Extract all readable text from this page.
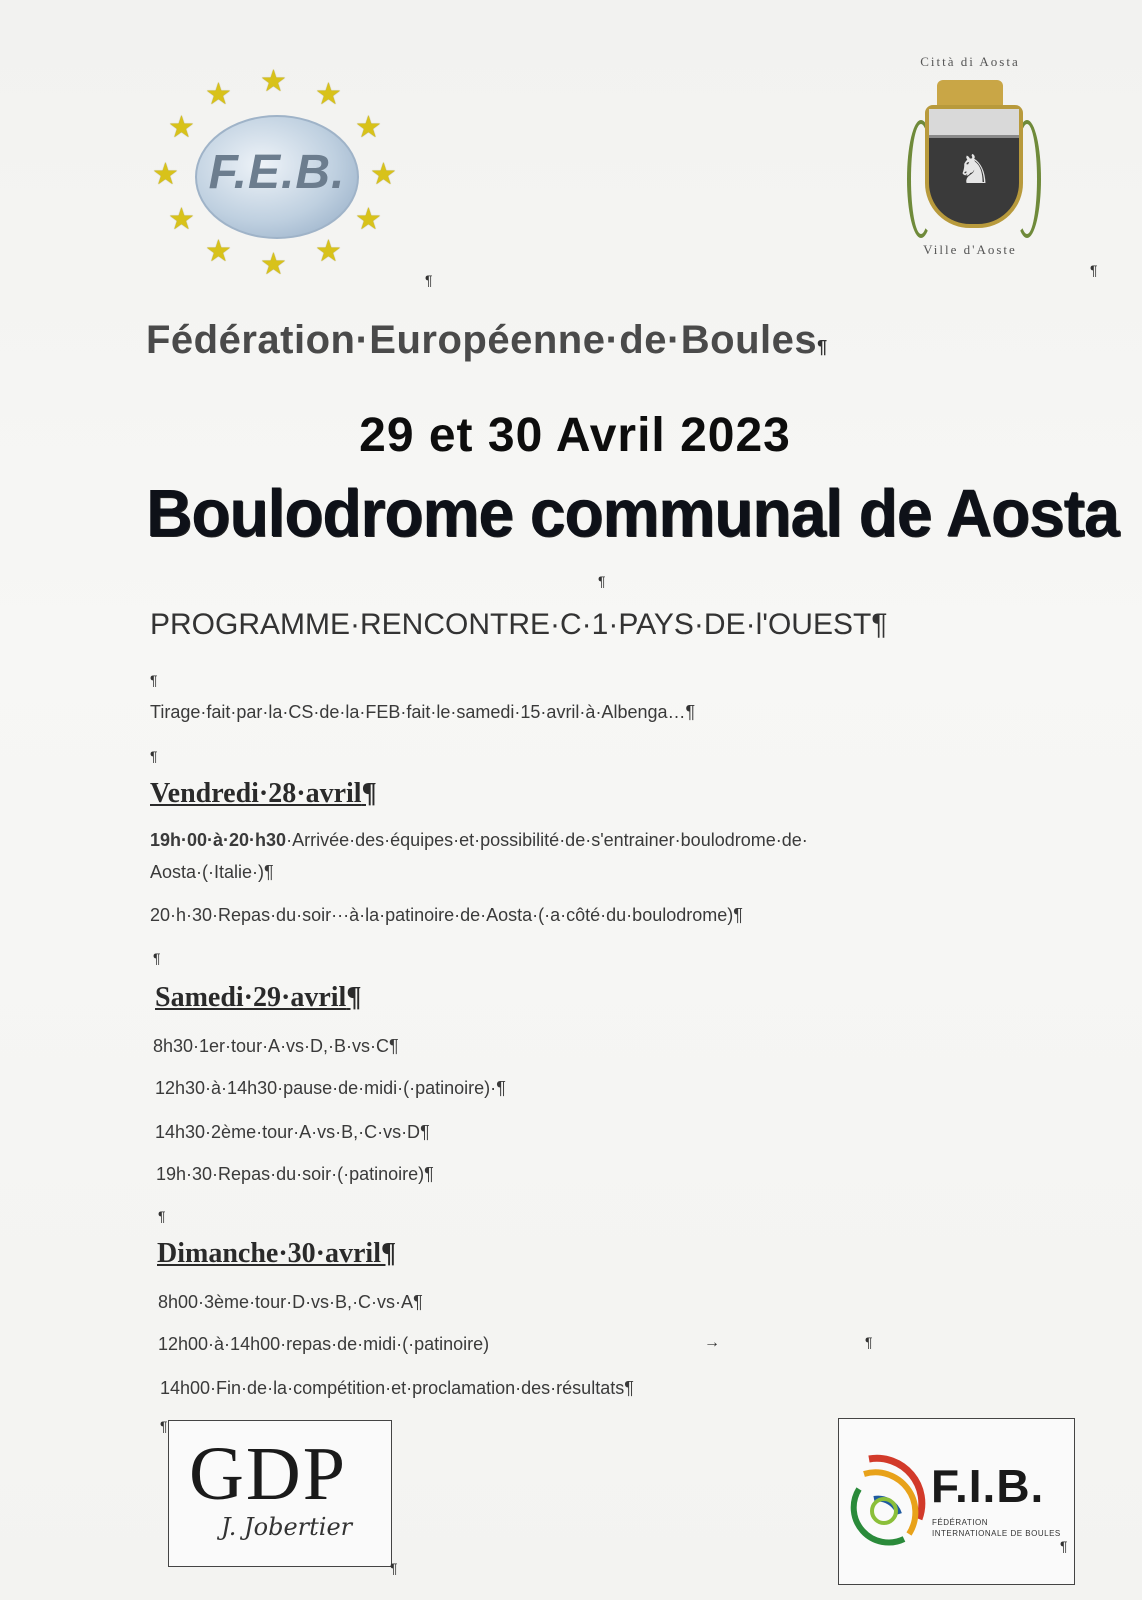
★ ★ ★
★
★
★
★
★
★
★
★
★
F.E.B.
¶
Città di Aosta
♞
Ville d'Aoste
¶
Fédération·Européenne·de·Boules¶
29 et 30 Avril 2023
Boulodrome communal de Aosta
¶
PROGRAMME·RENCONTRE·C·1·PAYS·DE·l'OUEST¶
¶
Tirage·fait·par·la·CS·de·la·FEB·fait·le·samedi·15·avril·à·Albenga…¶
¶
Vendredi·28·avril¶
19h·00·à·20·h30·Arrivée·des·équipes·et·possibilité·de·s'entrainer·boulodrome·de·
Aosta·(·Italie·)¶
20·h·30·Repas·du·soir···à·la·patinoire·de·Aosta·(·a·côté·du·boulodrome)¶
¶
Samedi·29·avril¶
8h30·1er·tour·A·vs·D,·B·vs·C¶
12h30·à·14h30·pause·de·midi·(·patinoire)·¶
14h30·2ème·tour·A·vs·B,·C·vs·D¶
19h·30·Repas·du·soir·(·patinoire)¶
¶
Dimanche·30·avril¶
8h00·3ème·tour·D·vs·B,·C·vs·A¶
12h00·à·14h00·repas·de·midi·(·patinoire)	→	¶
14h00·Fin·de·la·compétition·et·proclamation·des·résultats¶
¶
GDP
J. Jobertier
¶
F.I.B.
FÉDÉRATION INTERNATIONALE DE BOULES
¶
